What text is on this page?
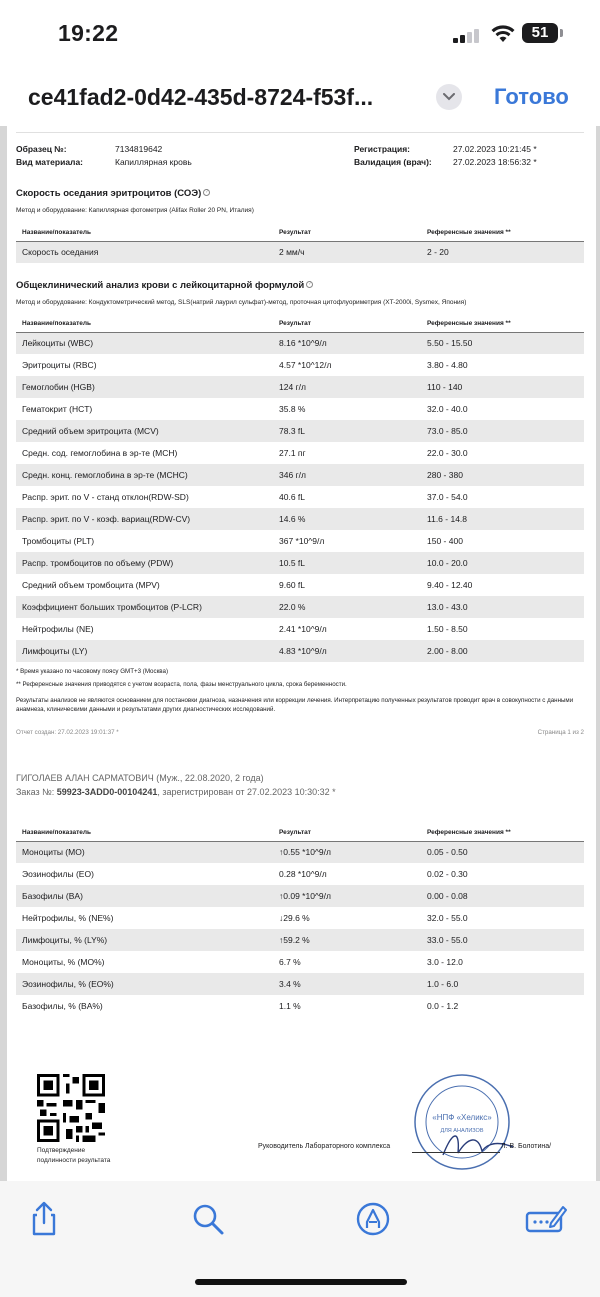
19:22	51
ce41fad2-0d42-435d-8724-f53f...	Готово
Образец №:	7134819642
Вид материала:	Капиллярная кровь
Регистрация:	27.02.2023 10:21:45 *
Валидация (врач):	27.02.2023 18:56:32 *
Скорость оседания эритроцитов (СОЭ) ?
Метод и оборудование: Капиллярная фотометрия (Alifax Roller 20 PN, Италия)
Название/показатель	Результат	Референсные значения **
Скорость оседания	2 мм/ч	2 - 20
Общеклинический анализ крови с лейкоцитарной формулой ?
Метод и оборудование: Кондуктометрический метод, SLS(натрий лаурил сульфат)-метод, проточная цитофлуориметрия (XT-2000i, Sysmex, Япония)
Название/показатель	Результат	Референсные значения **
Лейкоциты (WBC)	8.16 *10^9/л	5.50 - 15.50
Эритроциты (RBC)	4.57 *10^12/л	3.80 - 4.80
Гемоглобин (HGB)	124 г/л	110 - 140
Гематокрит (HCT)	35.8 %	32.0 - 40.0
Средний объем эритроцита (MCV)	78.3 fL	73.0 - 85.0
Средн. сод. гемоглобина в эр-те (MCH)	27.1 пг	22.0 - 30.0
Средн. конц. гемоглобина в эр-те (MCHC)	346 г/л	280 - 380
Распр. эрит. по V - станд отклон(RDW-SD)	40.6 fL	37.0 - 54.0
Распр. эрит. по V - коэф. вариац(RDW-CV)	14.6 %	11.6 - 14.8
Тромбоциты (PLT)	367 *10^9/л	150 - 400
Распр. тромбоцитов по объему (PDW)	10.5 fL	10.0 - 20.0
Средний объем тромбоцита (MPV)	9.60 fL	9.40 - 12.40
Коэффициент больших тромбоцитов (P-LCR)	22.0 %	13.0 - 43.0
Нейтрофилы (NE)	2.41 *10^9/л	1.50 - 8.50
Лимфоциты (LY)	4.83 *10^9/л	2.00 - 8.00
* Время указано по часовому поясу GMT+3 (Москва)
** Референсные значения приводятся с учетом возраста, пола, фазы менструального цикла, срока беременности.
Результаты анализов не являются основанием для постановки диагноза, назначения или коррекции лечения. Интерпретацию полученных результатов проводит врач в совокупности с данными анамнеза, клиническими данными и результатами других диагностических исследований.
Отчет создан: 27.02.2023 19:01:37 *	Страница 1 из 2
ГИГОЛАЕВ АЛАН САРМАТОВИЧ (Муж., 22.08.2020, 2 года)
Заказ №: 59923-3ADD0-00104241, зарегистрирован от 27.02.2023 10:30:32 *
Название/показатель	Результат	Референсные значения **
Моноциты (MO)	↑0.55 *10^9/л	0.05 - 0.50
Эозинофилы (EO)	0.28 *10^9/л	0.02 - 0.30
Базофилы (BA)	↑0.09 *10^9/л	0.00 - 0.08
Нейтрофилы, % (NE%)	↓29.6 %	32.0 - 55.0
Лимфоциты, % (LY%)	↑59.2 %	33.0 - 55.0
Моноциты, % (MO%)	6.7 %	3.0 - 12.0
Эозинофилы, % (EO%)	3.4 %	1.0 - 6.0
Базофилы, % (BA%)	1.1 %	0.0 - 1.2
Подтверждение
подлинности результата
Руководитель Лабораторного комплекса
«НПФ «Хеликс»
ДЛЯ АНАЛИЗОВ
Л. В. Болотина/
